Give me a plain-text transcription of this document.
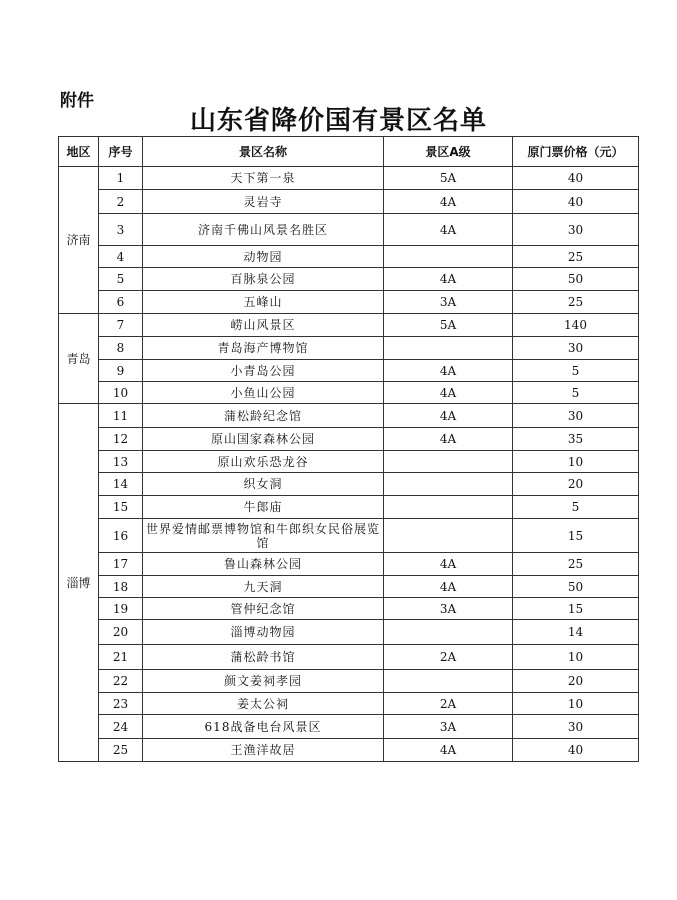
附件
山东省降价国有景区名单
地区	序号	景区名称	景区A级	原门票价格（元）
济南	1	天下第一泉	5A	40
	2	灵岩寺	4A	40
	3	济南千佛山风景名胜区	4A	30
	4	动物园		25
	5	百脉泉公园	4A	50
	6	五峰山	3A	25
青岛	7	崂山风景区	5A	140
	8	青岛海产博物馆		30
	9	小青岛公园	4A	5
	10	小鱼山公园	4A	5
淄博	11	蒲松龄纪念馆	4A	30
	12	原山国家森林公园	4A	35
	13	原山欢乐恐龙谷		10
	14	织女洞		20
	15	牛郎庙		5
	16	世界爱情邮票博物馆和牛郎织女民俗展览馆		15
	17	鲁山森林公园	4A	25
	18	九天洞	4A	50
	19	管仲纪念馆	3A	15
	20	淄博动物园		14
	21	蒲松龄书馆	2A	10
	22	颜文姜祠孝园		20
	23	姜太公祠	2A	10
	24	618战备电台风景区	3A	30
	25	王渔洋故居	4A	40
